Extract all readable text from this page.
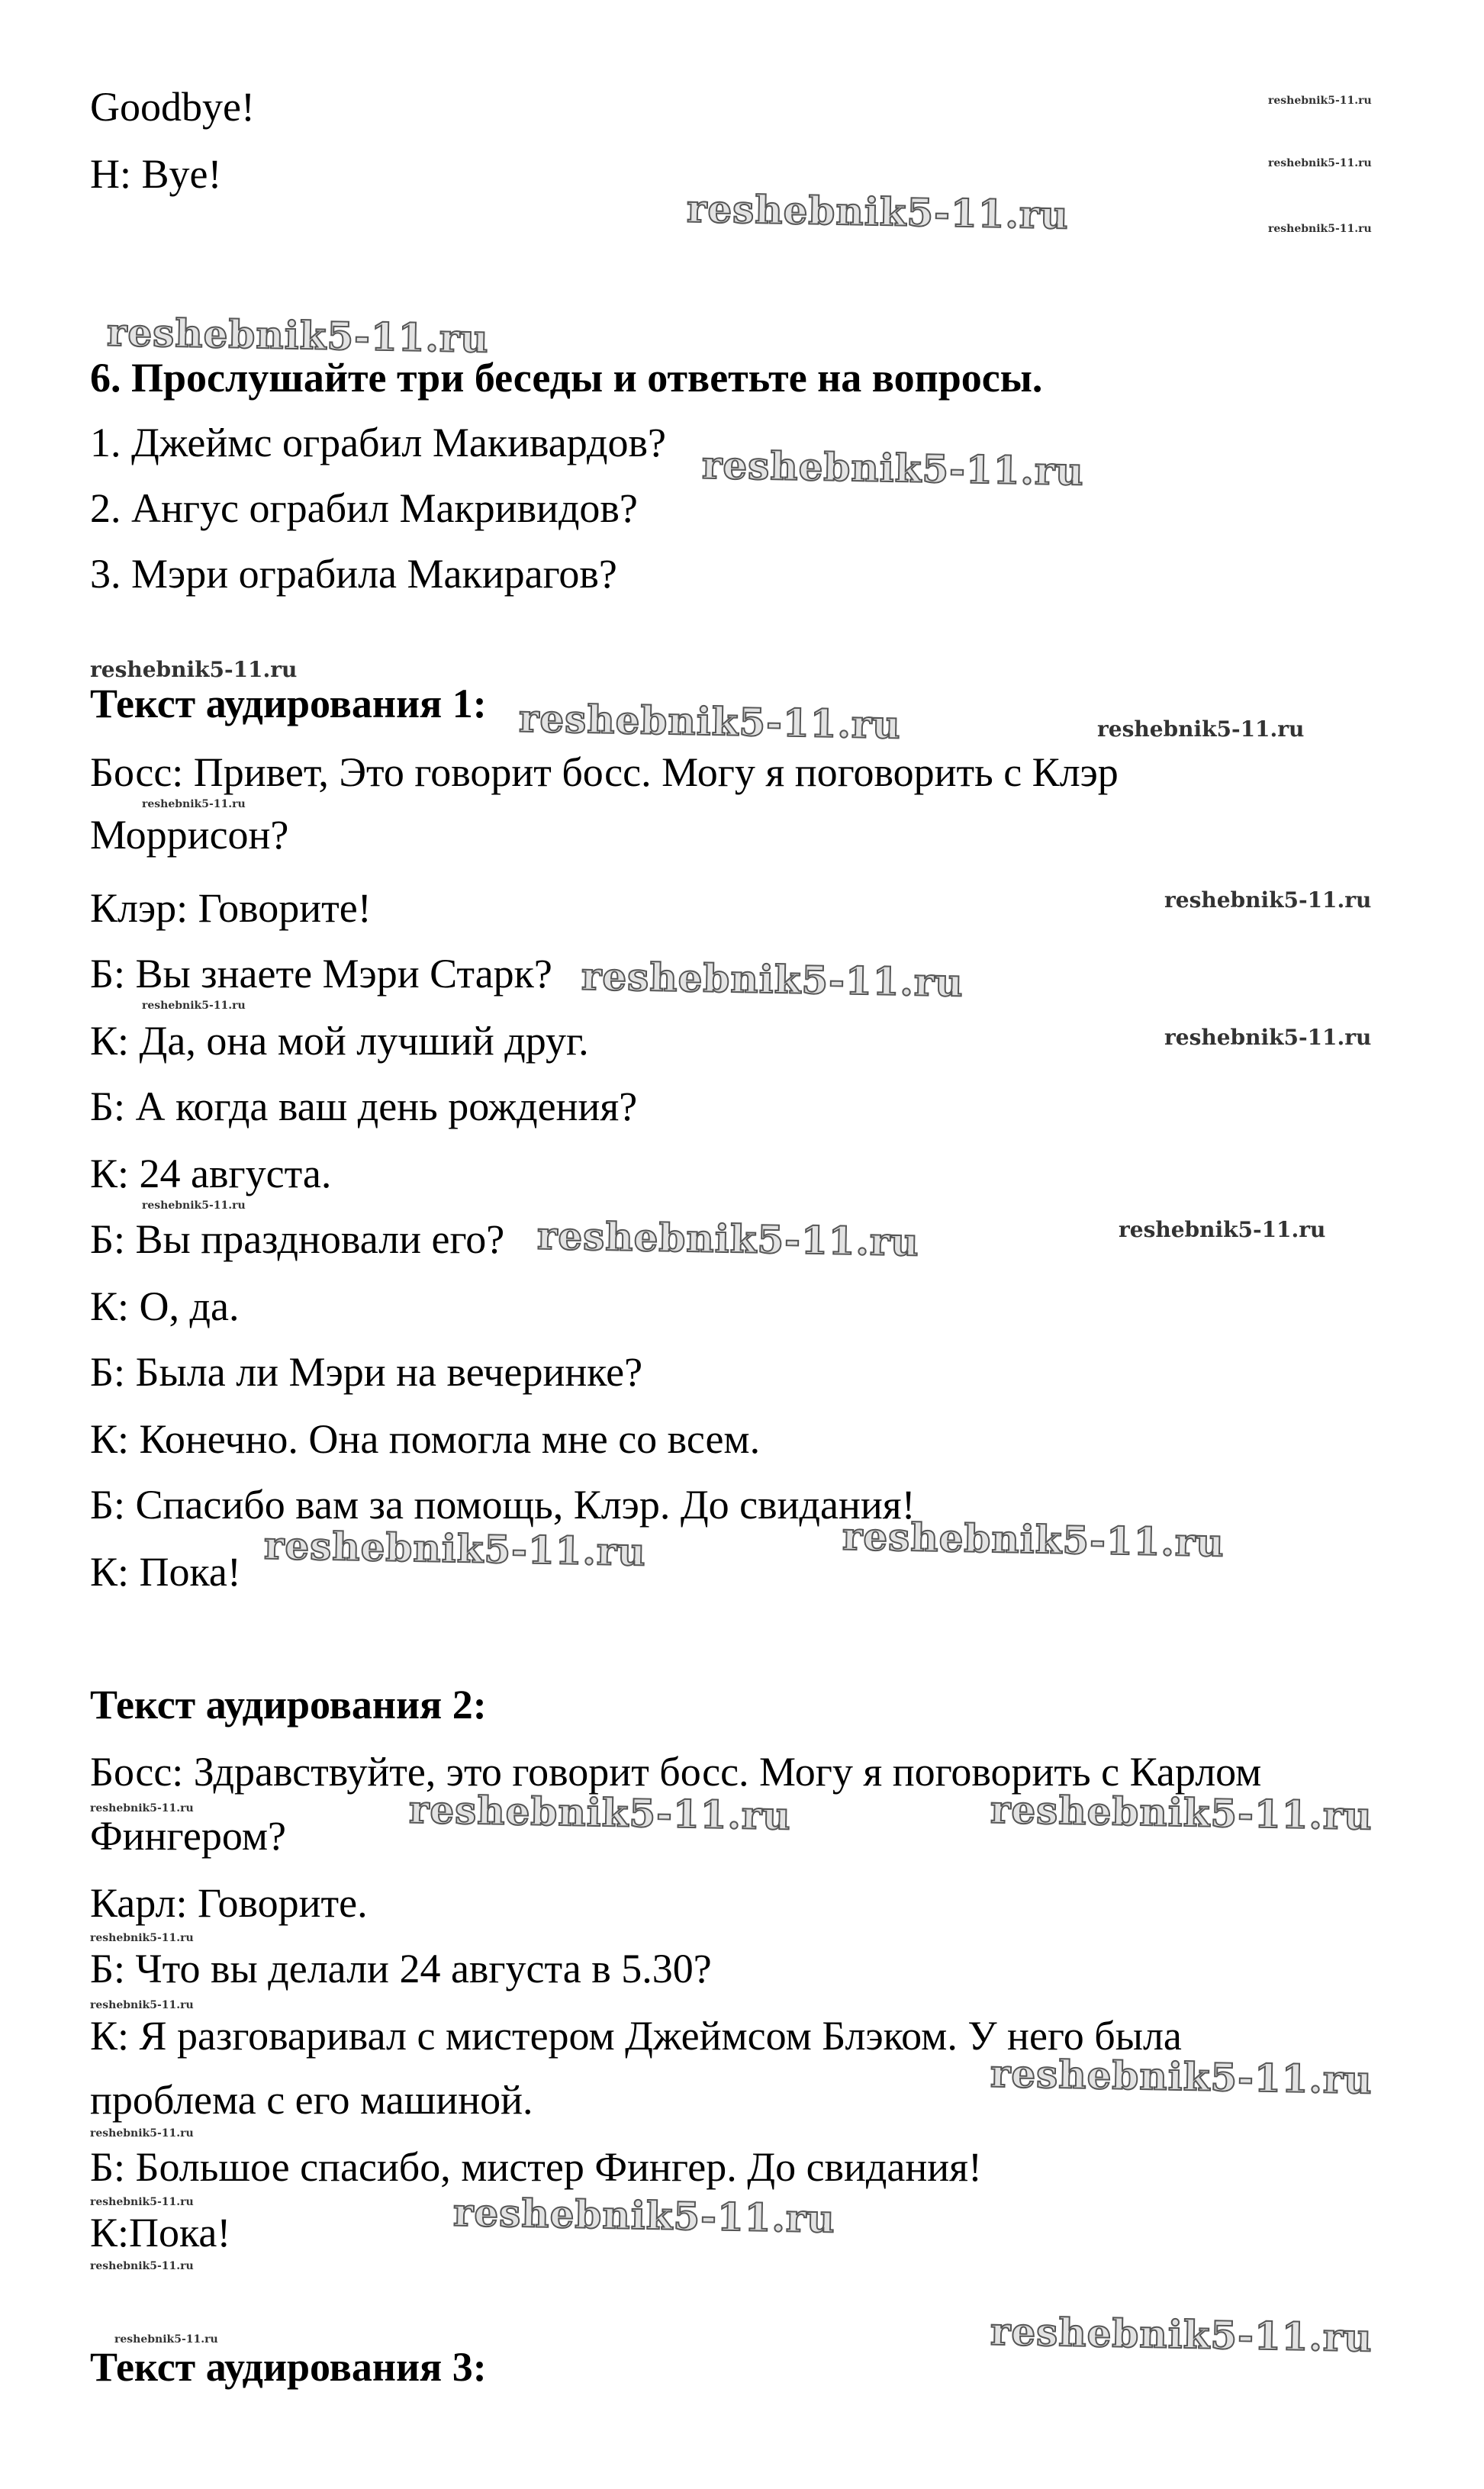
Goodbye!
H: Bye!
6. Прослушайте три беседы и ответьте на вопросы.
1. Джеймс ограбил Макивардов?
2. Ангус ограбил Макривидов?
3. Мэри ограбила Макирагов?
Текст аудирования 1:
Босс: Привет, Это говорит босс. Могу я поговорить с Клэр
Моррисон?
Клэр: Говорите!
Б: Вы знаете Мэри Старк?
К: Да, она мой лучший друг.
Б: А когда ваш день рождения?
К: 24 августа.
Б: Вы праздновали его?
К: О, да.
Б: Была ли Мэри на вечеринке?
К: Конечно. Она помогла мне со всем.
Б: Спасибо вам за помощь, Клэр. До свидания!
К: Пока!
Текст аудирования 2:
Босс: Здравствуйте, это говорит босс. Могу я поговорить с Карлом
Фингером?
Карл: Говорите.
Б: Что вы делали 24 августа в 5.30?
К: Я разговаривал с мистером Джеймсом Блэком. У него была
проблема с его машиной.
Б: Большое спасибо, мистер Фингер. До свидания!
К:Пока!
Текст аудирования 3:
reshebnik5-11.ru
reshebnik5-11.ru
reshebnik5-11.ru
reshebnik5-11.ru
reshebnik5-11.ru
reshebnik5-11.ru
reshebnik5-11.ru	reshebnik5-11.ru
reshebnik5-11.ru	reshebnik5-11.ru
reshebnik5-11.ru
reshebnik5-11.ru
reshebnik5-11.ru
reshebnik5-11.ru
reshebnik5-11.ru
reshebnik5-11.ru
reshebnik5-11.ru
reshebnik5-11.ru
reshebnik5-11.ru
reshebnik5-11.ru
reshebnik5-11.ru
reshebnik5-11.ru
reshebnik5-11.ru
reshebnik5-11.ru
reshebnik5-11.ru
reshebnik5-11.ru
reshebnik5-11.ru
reshebnik5-11.ru
reshebnik5-11.ru
reshebnik5-11.ru
reshebnik5-11.ru
